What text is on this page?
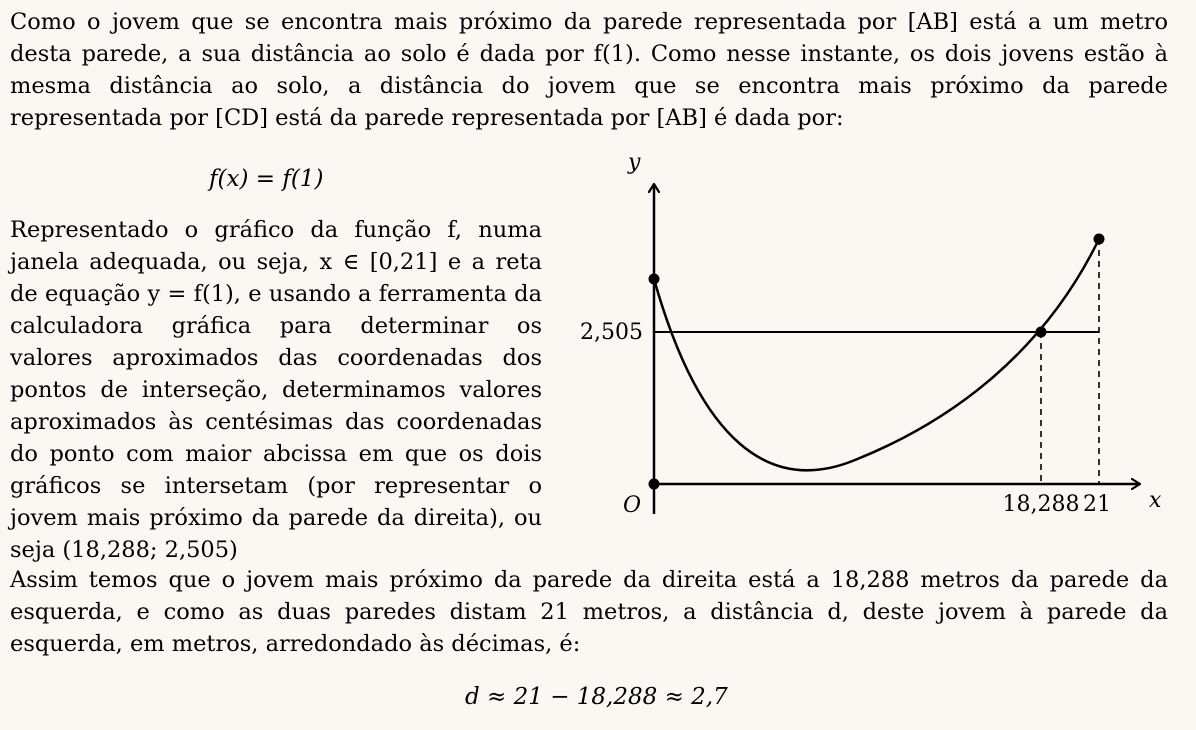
Como o jovem que se encontra mais próximo da parede representada por [AB] está a um metro desta parede, a sua distância ao solo é dada por f(1). Como nesse instante, os dois jovens estão à mesma distância ao solo, a distância do jovem que se encontra mais próximo da parede representada por [CD] está da parede representada por [AB] é dada por:

f(x) = f(1)

Representado o gráfico da função f, numa janela adequada, ou seja, x ∈ [0,21] e a reta de equação y = f(1), e usando a ferramenta da calculadora gráfica para determinar os valores aproximados das coordenadas dos pontos de interseção, determinamos valores aproximados às centésimas das coordenadas do ponto com maior abcissa em que os dois gráficos se intersetam (por representar o jovem mais próximo da parede da direita), ou seja (18,288; 2,505)

y
x
O
2,505
18,288 21

Assim temos que o jovem mais próximo da parede da direita está a 18,288 metros da parede da esquerda, e como as duas paredes distam 21 metros, a distância d, deste jovem à parede da esquerda, em metros, arredondado às décimas, é:

d ≈ 21 − 18,288 ≈ 2,7
